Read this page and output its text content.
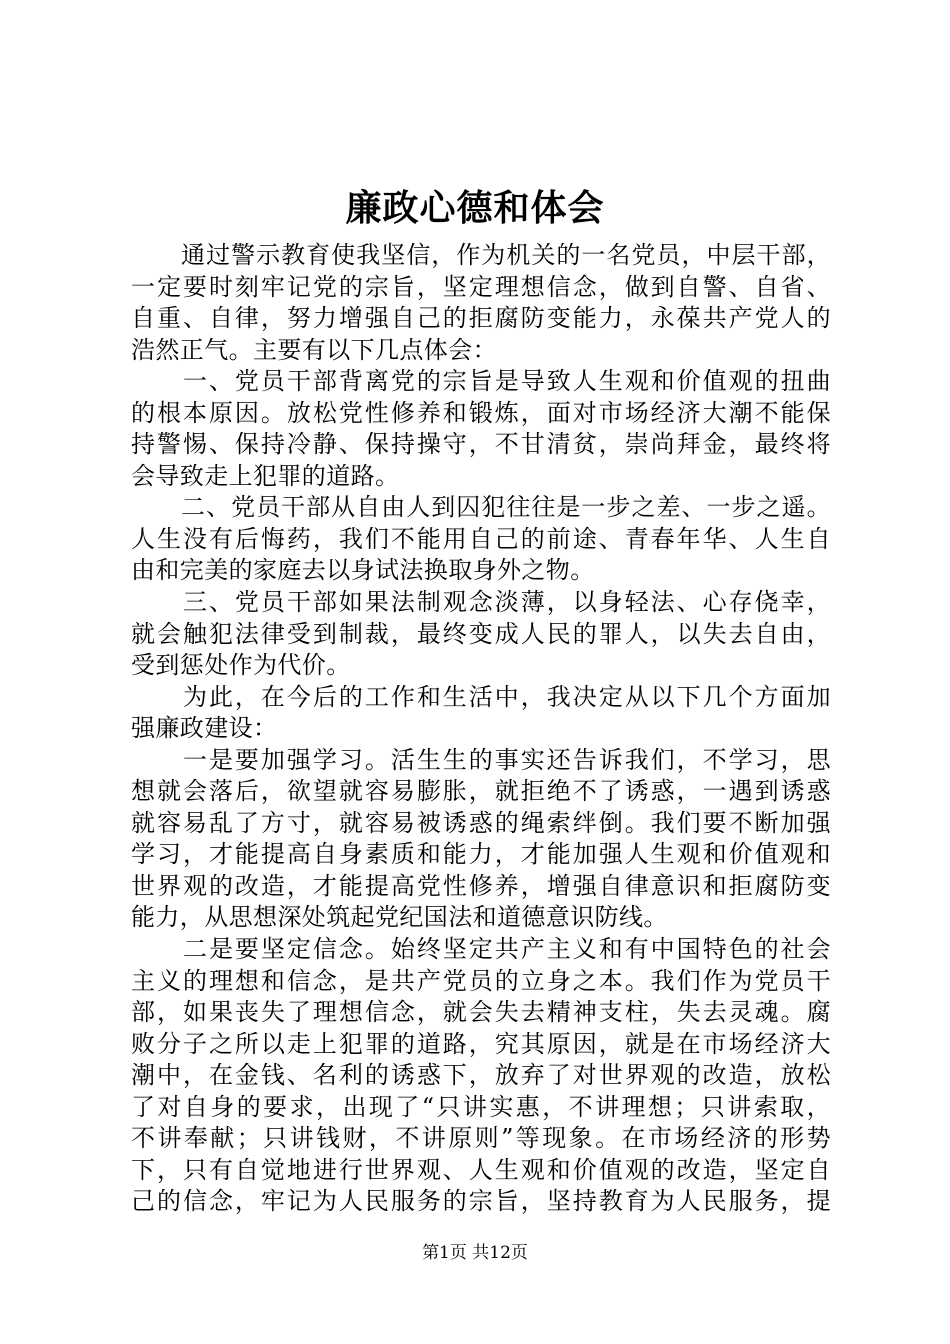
廉政心德和体会
　　通过警示教育使我坚信，作为机关的一名党员，中层干部，
一定要时刻牢记党的宗旨，坚定理想信念，做到自警、自省、
自重、自律，努力增强自己的拒腐防变能力，永葆共产党人的
浩然正气。主要有以下几点体会：
　　一、党员干部背离党的宗旨是导致人生观和价值观的扭曲
的根本原因。放松党性修养和锻炼，面对市场经济大潮不能保
持警惕、保持冷静、保持操守，不甘清贫，崇尚拜金，最终将
会导致走上犯罪的道路。
　　二、党员干部从自由人到囚犯往往是一步之差、一步之遥。
人生没有后悔药，我们不能用自己的前途、青春年华、人生自
由和完美的家庭去以身试法换取身外之物。
　　三、党员干部如果法制观念淡薄，以身轻法、心存侥幸，
就会触犯法律受到制裁，最终变成人民的罪人，以失去自由，
受到惩处作为代价。
　　为此，在今后的工作和生活中，我决定从以下几个方面加
强廉政建设：
　　一是要加强学习。活生生的事实还告诉我们，不学习，思
想就会落后，欲望就容易膨胀，就拒绝不了诱惑，一遇到诱惑
就容易乱了方寸，就容易被诱惑的绳索绊倒。我们要不断加强
学习，才能提高自身素质和能力，才能加强人生观和价值观和
世界观的改造，才能提高党性修养，增强自律意识和拒腐防变
能力，从思想深处筑起党纪国法和道德意识防线。
　　二是要坚定信念。始终坚定共产主义和有中国特色的社会
主义的理想和信念，是共产党员的立身之本。我们作为党员干
部，如果丧失了理想信念，就会失去精神支柱，失去灵魂。腐
败分子之所以走上犯罪的道路，究其原因，就是在市场经济大
潮中，在金钱、名利的诱惑下，放弃了对世界观的改造，放松
了对自身的要求，出现了“只讲实惠，不讲理想；只讲索取，
不讲奉献；只讲钱财，不讲原则”等现象。在市场经济的形势
下，只有自觉地进行世界观、人生观和价值观的改造，坚定自
己的信念，牢记为人民服务的宗旨，坚持教育为人民服务，提
第1页 共12页
